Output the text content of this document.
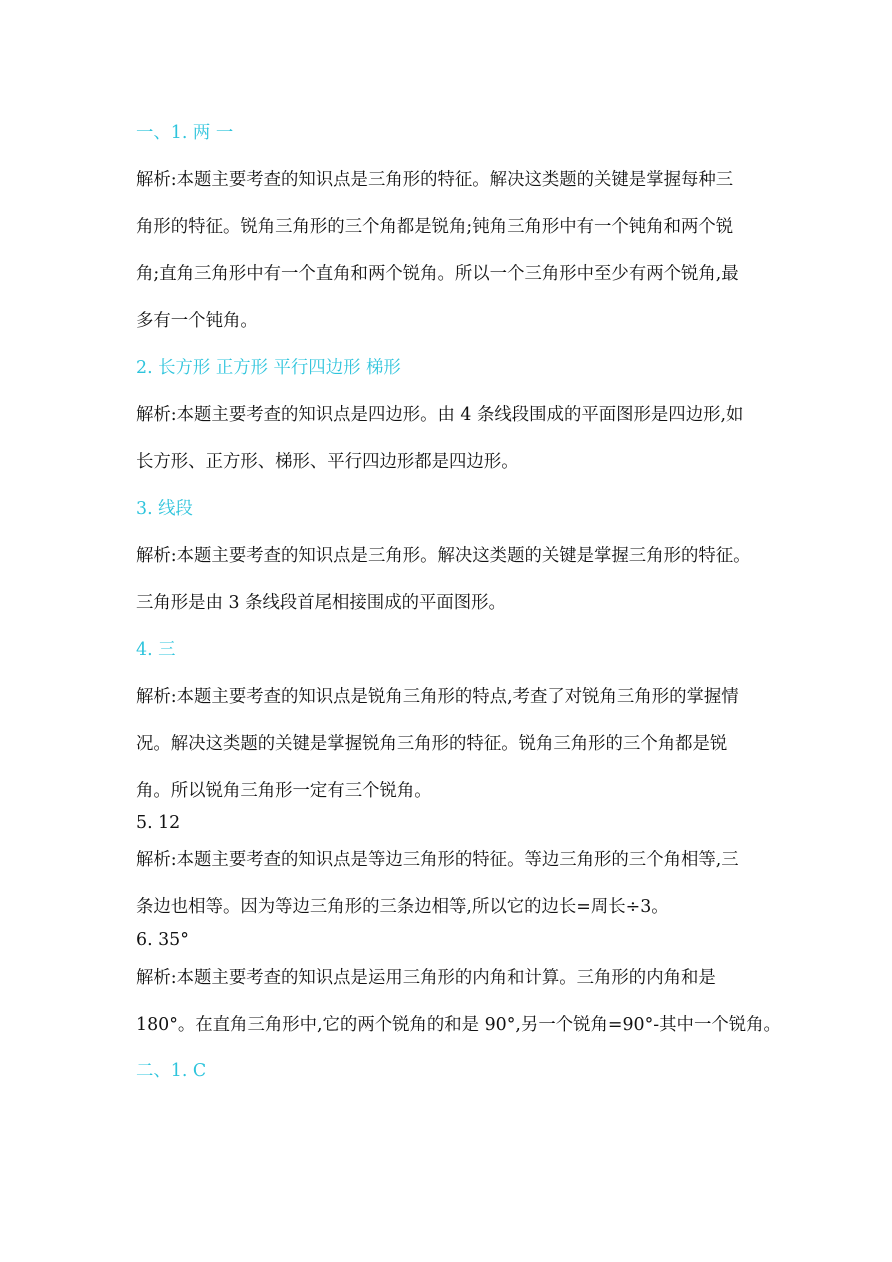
一、1. 两 一
解析:本题主要考查的知识点是三角形的特征。解决这类题的关键是掌握每种三
角形的特征。锐角三角形的三个角都是锐角;钝角三角形中有一个钝角和两个锐
角;直角三角形中有一个直角和两个锐角。所以一个三角形中至少有两个锐角,最
多有一个钝角。
2. 长方形 正方形 平行四边形 梯形
解析:本题主要考查的知识点是四边形。由 4 条线段围成的平面图形是四边形,如
长方形、正方形、梯形、平行四边形都是四边形。
3. 线段
解析:本题主要考查的知识点是三角形。解决这类题的关键是掌握三角形的特征。
三角形是由 3 条线段首尾相接围成的平面图形。
4. 三
解析:本题主要考查的知识点是锐角三角形的特点,考查了对锐角三角形的掌握情
况。解决这类题的关键是掌握锐角三角形的特征。锐角三角形的三个角都是锐
角。所以锐角三角形一定有三个锐角。
5. 12
解析:本题主要考查的知识点是等边三角形的特征。等边三角形的三个角相等,三
条边也相等。因为等边三角形的三条边相等,所以它的边长=周长÷3。
6. 35°
解析:本题主要考查的知识点是运用三角形的内角和计算。三角形的内角和是
180°。在直角三角形中,它的两个锐角的和是 90°,另一个锐角=90°-其中一个锐角。
二、1. C
